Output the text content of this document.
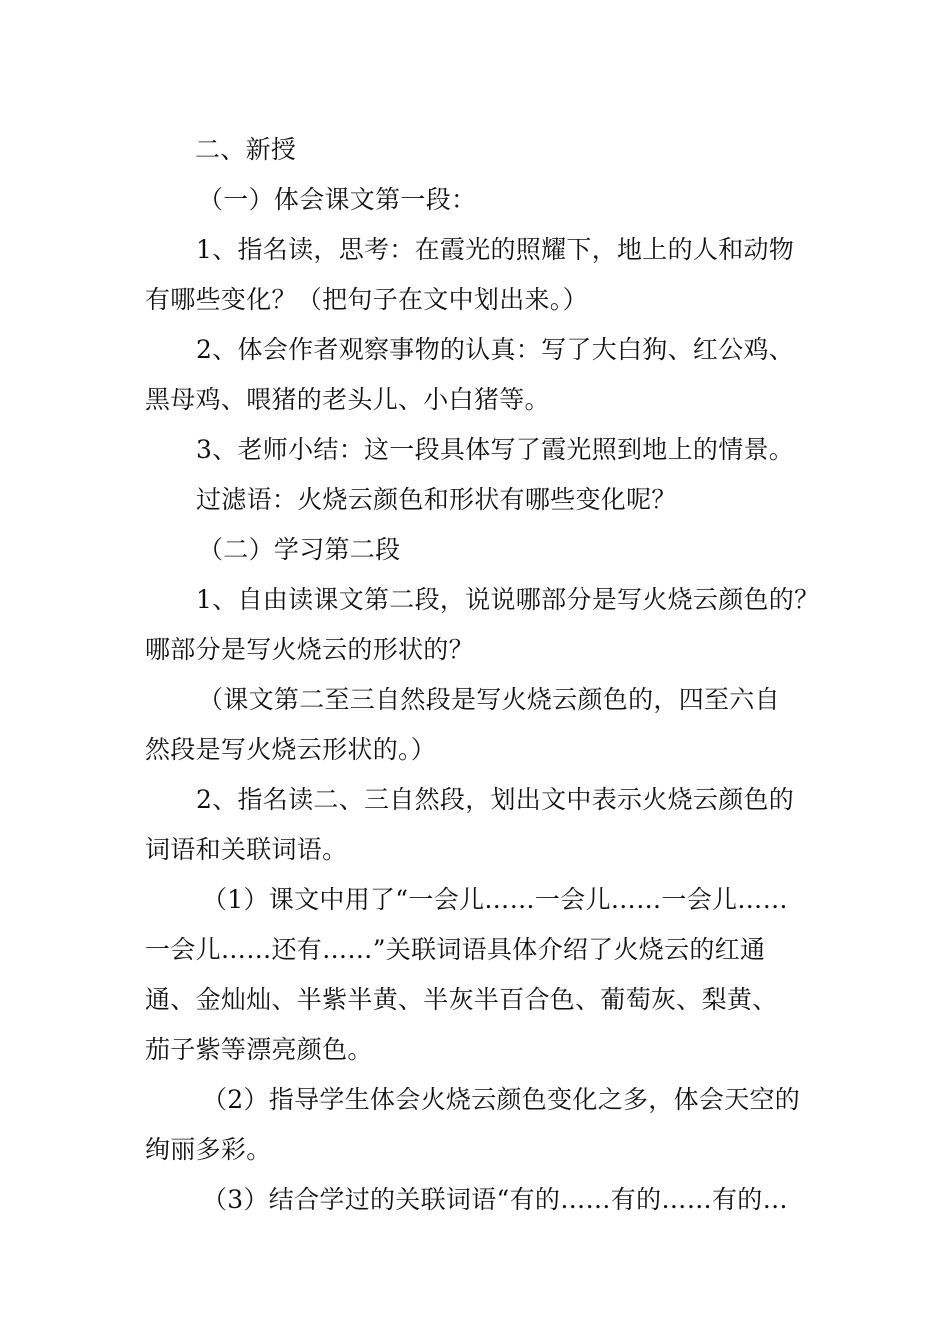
二、新授
（一）体会课文第一段：
1、指名读，思考：在霞光的照耀下，地上的人和动物
有哪些变化？（把句子在文中划出来。）
2、体会作者观察事物的认真：写了大白狗、红公鸡、
黑母鸡、喂猪的老头儿、小白猪等。
3、老师小结：这一段具体写了霞光照到地上的情景。
过滤语：火烧云颜色和形状有哪些变化呢？
（二）学习第二段
1、自由读课文第二段，说说哪部分是写火烧云颜色的？
哪部分是写火烧云的形状的？
（课文第二至三自然段是写火烧云颜色的，四至六自
然段是写火烧云形状的。）
2、指名读二、三自然段，划出文中表示火烧云颜色的
词语和关联词语。
（1）课文中用了“一会儿……一会儿……一会儿……
一会儿……还有……”关联词语具体介绍了火烧云的红通
通、金灿灿、半紫半黄、半灰半百合色、葡萄灰、梨黄、
茄子紫等漂亮颜色。
（2）指导学生体会火烧云颜色变化之多，体会天空的
绚丽多彩。
（3）结合学过的关联词语“有的……有的……有的…
